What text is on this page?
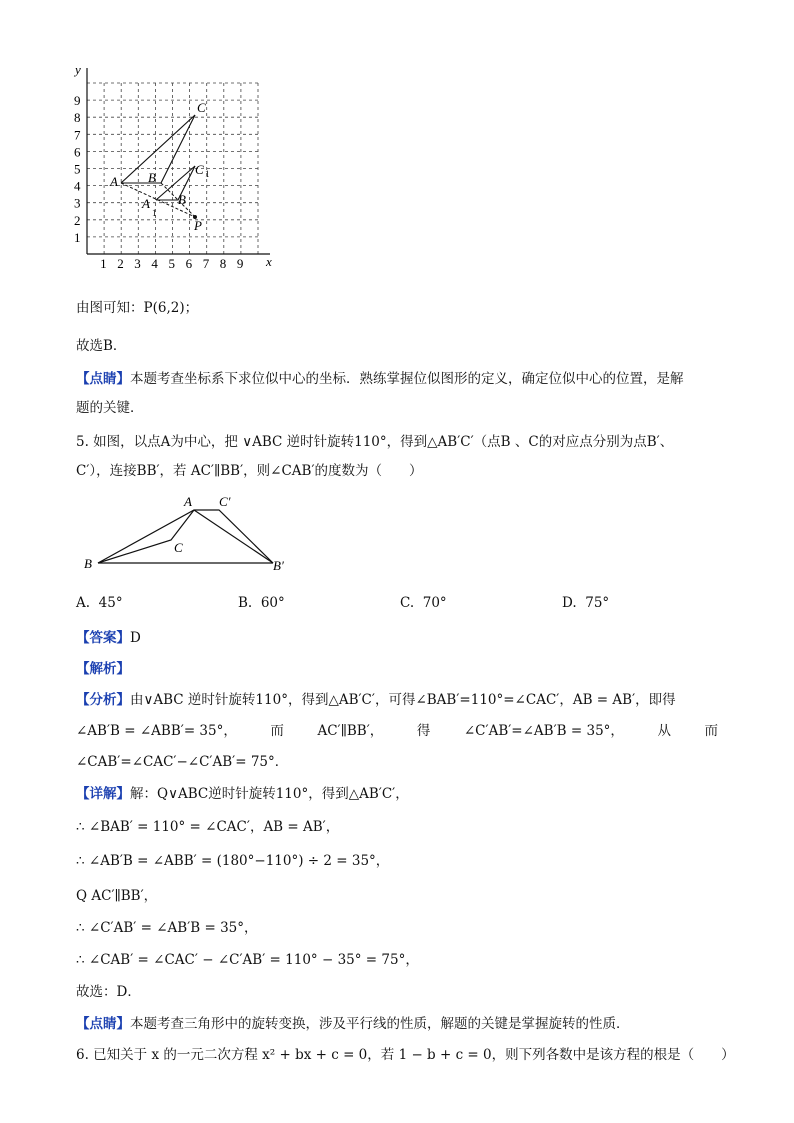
y
x
1 2 3 4 5 6 7 8 9
1
2
3
4
5
6
7
8
9
A B
C
A B
C
P
1
1
由图可知：P(6,2)；
故选B．
【点睛】本题考查坐标系下求位似中心的坐标．熟练掌握位似图形的定义，确定位似中心的位置，是解
题的关键．
5. 如图，以点A为中心，把 ∨ABC 逆时针旋转110°，得到△AB′C′（点B 、C的对应点分别为点B′、
C′），连接BB′，若 AC′∥BB′，则∠CAB′的度数为（　　）
A C′
B
C
B′
A. 45°	B. 60°	C. 70°	D. 75°
【答案】D
【解析】
【分析】由∨ABC 逆时针旋转110°，得到△AB′C′，可得∠BAB′=110°=∠CAC′，AB = AB′，即得
∠AB′B = ∠ABB′= 35°， 而 AC′∥BB′， 得 ∠C′AB′=∠AB′B = 35°， 从 而
∠CAB′=∠CAC′−∠C′AB′= 75°．
【详解】解：Q∨ABC逆时针旋转110°，得到△AB′C′，
∴ ∠BAB′ = 110° = ∠CAC′，AB = AB′，
∴ ∠AB′B = ∠ABB′ = (180°−110°) ÷ 2 = 35°，
Q AC′∥BB′，
∴ ∠C′AB′ = ∠AB′B = 35°，
∴ ∠CAB′ = ∠CAC′ − ∠C′AB′ = 110° − 35° = 75°，
故选：D．
【点睛】本题考查三角形中的旋转变换，涉及平行线的性质，解题的关键是掌握旋转的性质．
6. 已知关于 x 的一元二次方程 x² + bx + c = 0，若 1 − b + c = 0，则下列各数中是该方程的根是（　　）
